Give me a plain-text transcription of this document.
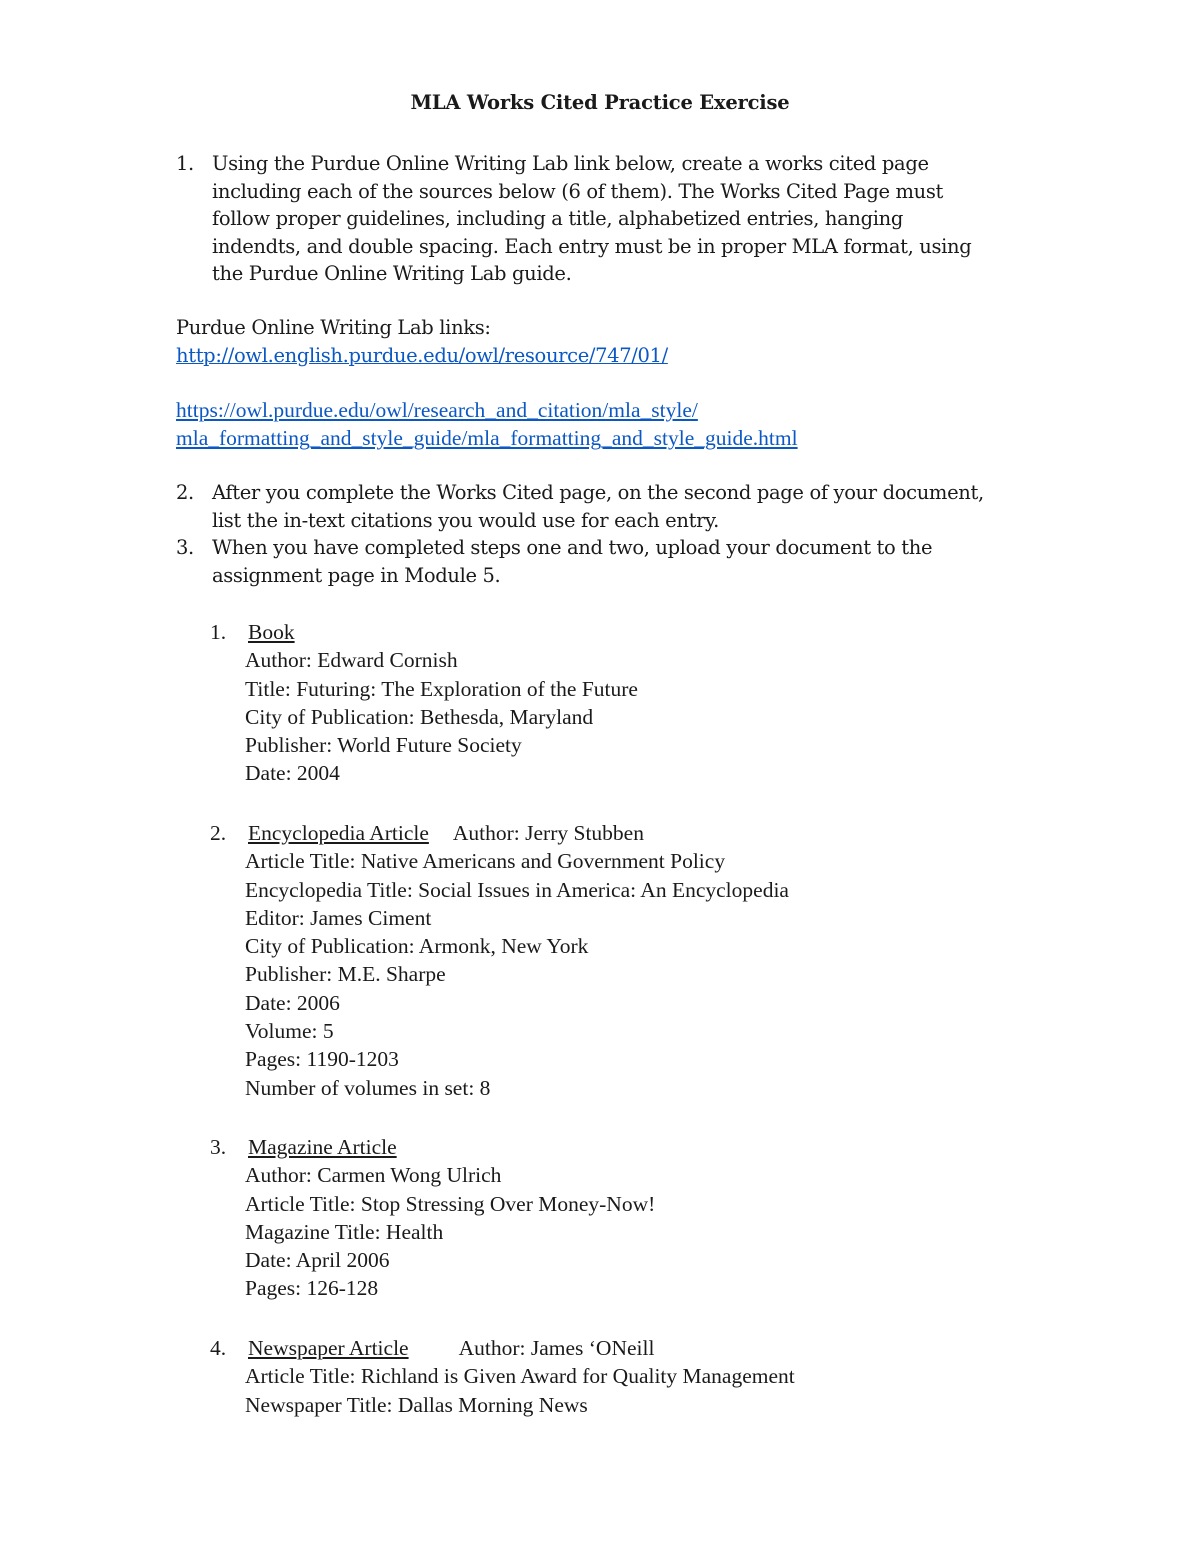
MLA Works Cited Practice Exercise
1. Using the Purdue Online Writing Lab link below, create a works cited page
including each of the sources below (6 of them). The Works Cited Page must
follow proper guidelines, including a title, alphabetized entries, hanging
indendts, and double spacing. Each entry must be in proper MLA format, using
the Purdue Online Writing Lab guide.
Purdue Online Writing Lab links:
http://owl.english.purdue.edu/owl/resource/747/01/
https://owl.purdue.edu/owl/research_and_citation/mla_style/
mla_formatting_and_style_guide/mla_formatting_and_style_guide.html
2. After you complete the Works Cited page, on the second page of your document,
list the in-text citations you would use for each entry.
3. When you have completed steps one and two, upload your document to the
assignment page in Module 5.
1. Book
Author: Edward Cornish
Title: Futuring: The Exploration of the Future
City of Publication: Bethesda, Maryland
Publisher: World Future Society
Date: 2004
2. Encyclopedia Article Author: Jerry Stubben
Article Title: Native Americans and Government Policy
Encyclopedia Title: Social Issues in America: An Encyclopedia
Editor: James Ciment
City of Publication: Armonk, New York
Publisher: M.E. Sharpe
Date: 2006
Volume: 5
Pages: 1190-1203
Number of volumes in set: 8
3. Magazine Article
Author: Carmen Wong Ulrich
Article Title: Stop Stressing Over Money-Now!
Magazine Title: Health
Date: April 2006
Pages: 126-128
4. Newspaper Article Author: James ‘ONeill
Article Title: Richland is Given Award for Quality Management
Newspaper Title: Dallas Morning News
